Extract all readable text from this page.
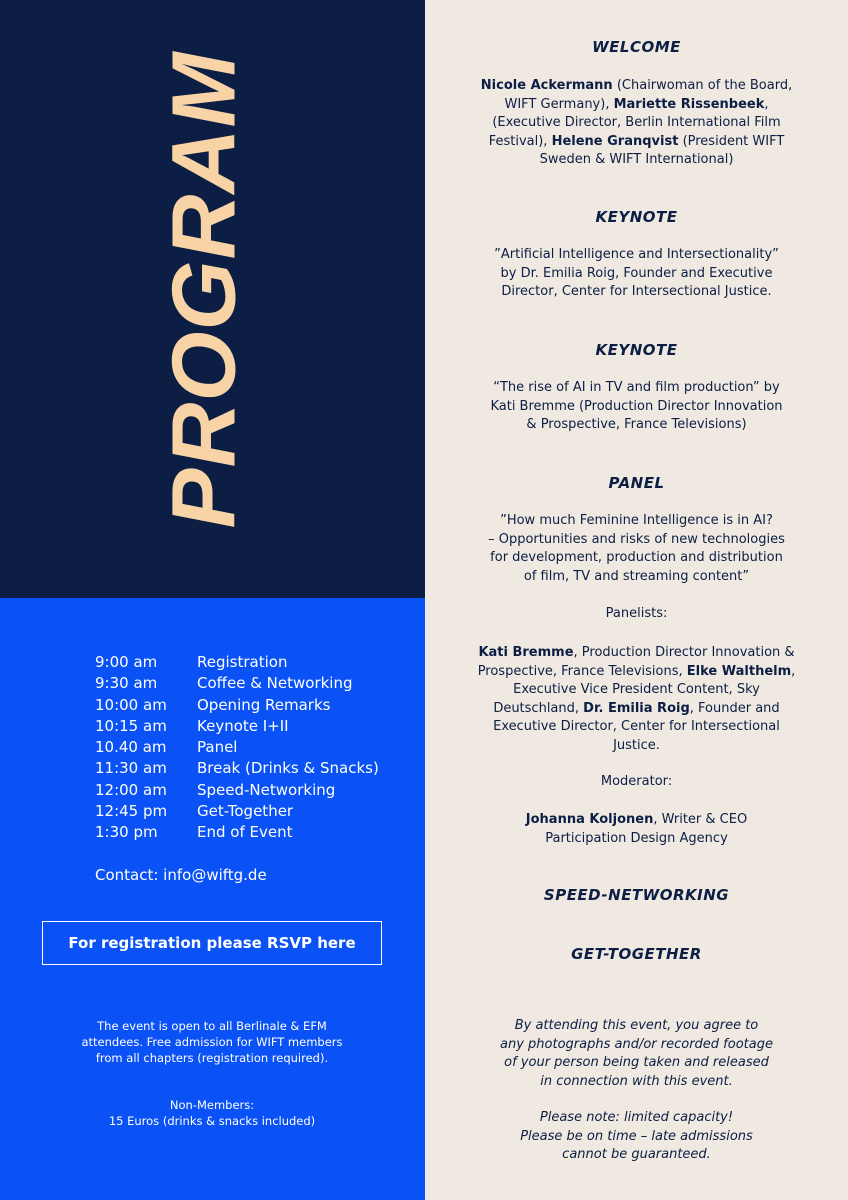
PROGRAM
9:00 am	Registration
9:30 am	Coffee & Networking
10:00 am	Opening Remarks
10:15 am	Keynote I+II
10.40 am	Panel
11:30 am	Break (Drinks & Snacks)
12:00 am	Speed-Networking
12:45 pm	Get-Together
1:30 pm	End of Event
Contact: info@wiftg.de
For registration please RSVP here
The event is open to all Berlinale & EFM
attendees. Free admission for WIFT members
from all chapters (registration required).
Non-Members:
15 Euros (drinks & snacks included)
WELCOME
Nicole Ackermann (Chairwoman of the Board, WIFT Germany), Mariette Rissenbeek, (Executive Director, Berlin International Film Festival), Helene Granqvist (President WIFT Sweden & WIFT International)
KEYNOTE
”Artificial Intelligence and Intersectionality”
by Dr. Emilia Roig, Founder and Executive
Director, Center for Intersectional Justice.
KEYNOTE
“The rise of AI in TV and film production” by
Kati Bremme (Production Director Innovation
& Prospective, France Televisions)
PANEL
”How much Feminine Intelligence is in AI?
– Opportunities and risks of new technologies
for development, production and distribution
of film, TV and streaming content”
Panelists:
Kati Bremme, Production Director Innovation & Prospective, France Televisions, Elke Walthelm, Executive Vice President Content, Sky Deutschland, Dr. Emilia Roig, Founder and Executive Director, Center for Intersectional Justice.
Moderator:
Johanna Koljonen, Writer & CEO
Participation Design Agency
SPEED-NETWORKING
GET-TOGETHER
By attending this event, you agree to
any photographs and/or recorded footage
of your person being taken and released
in connection with this event.
Please note: limited capacity!
Please be on time – late admissions
cannot be guaranteed.
